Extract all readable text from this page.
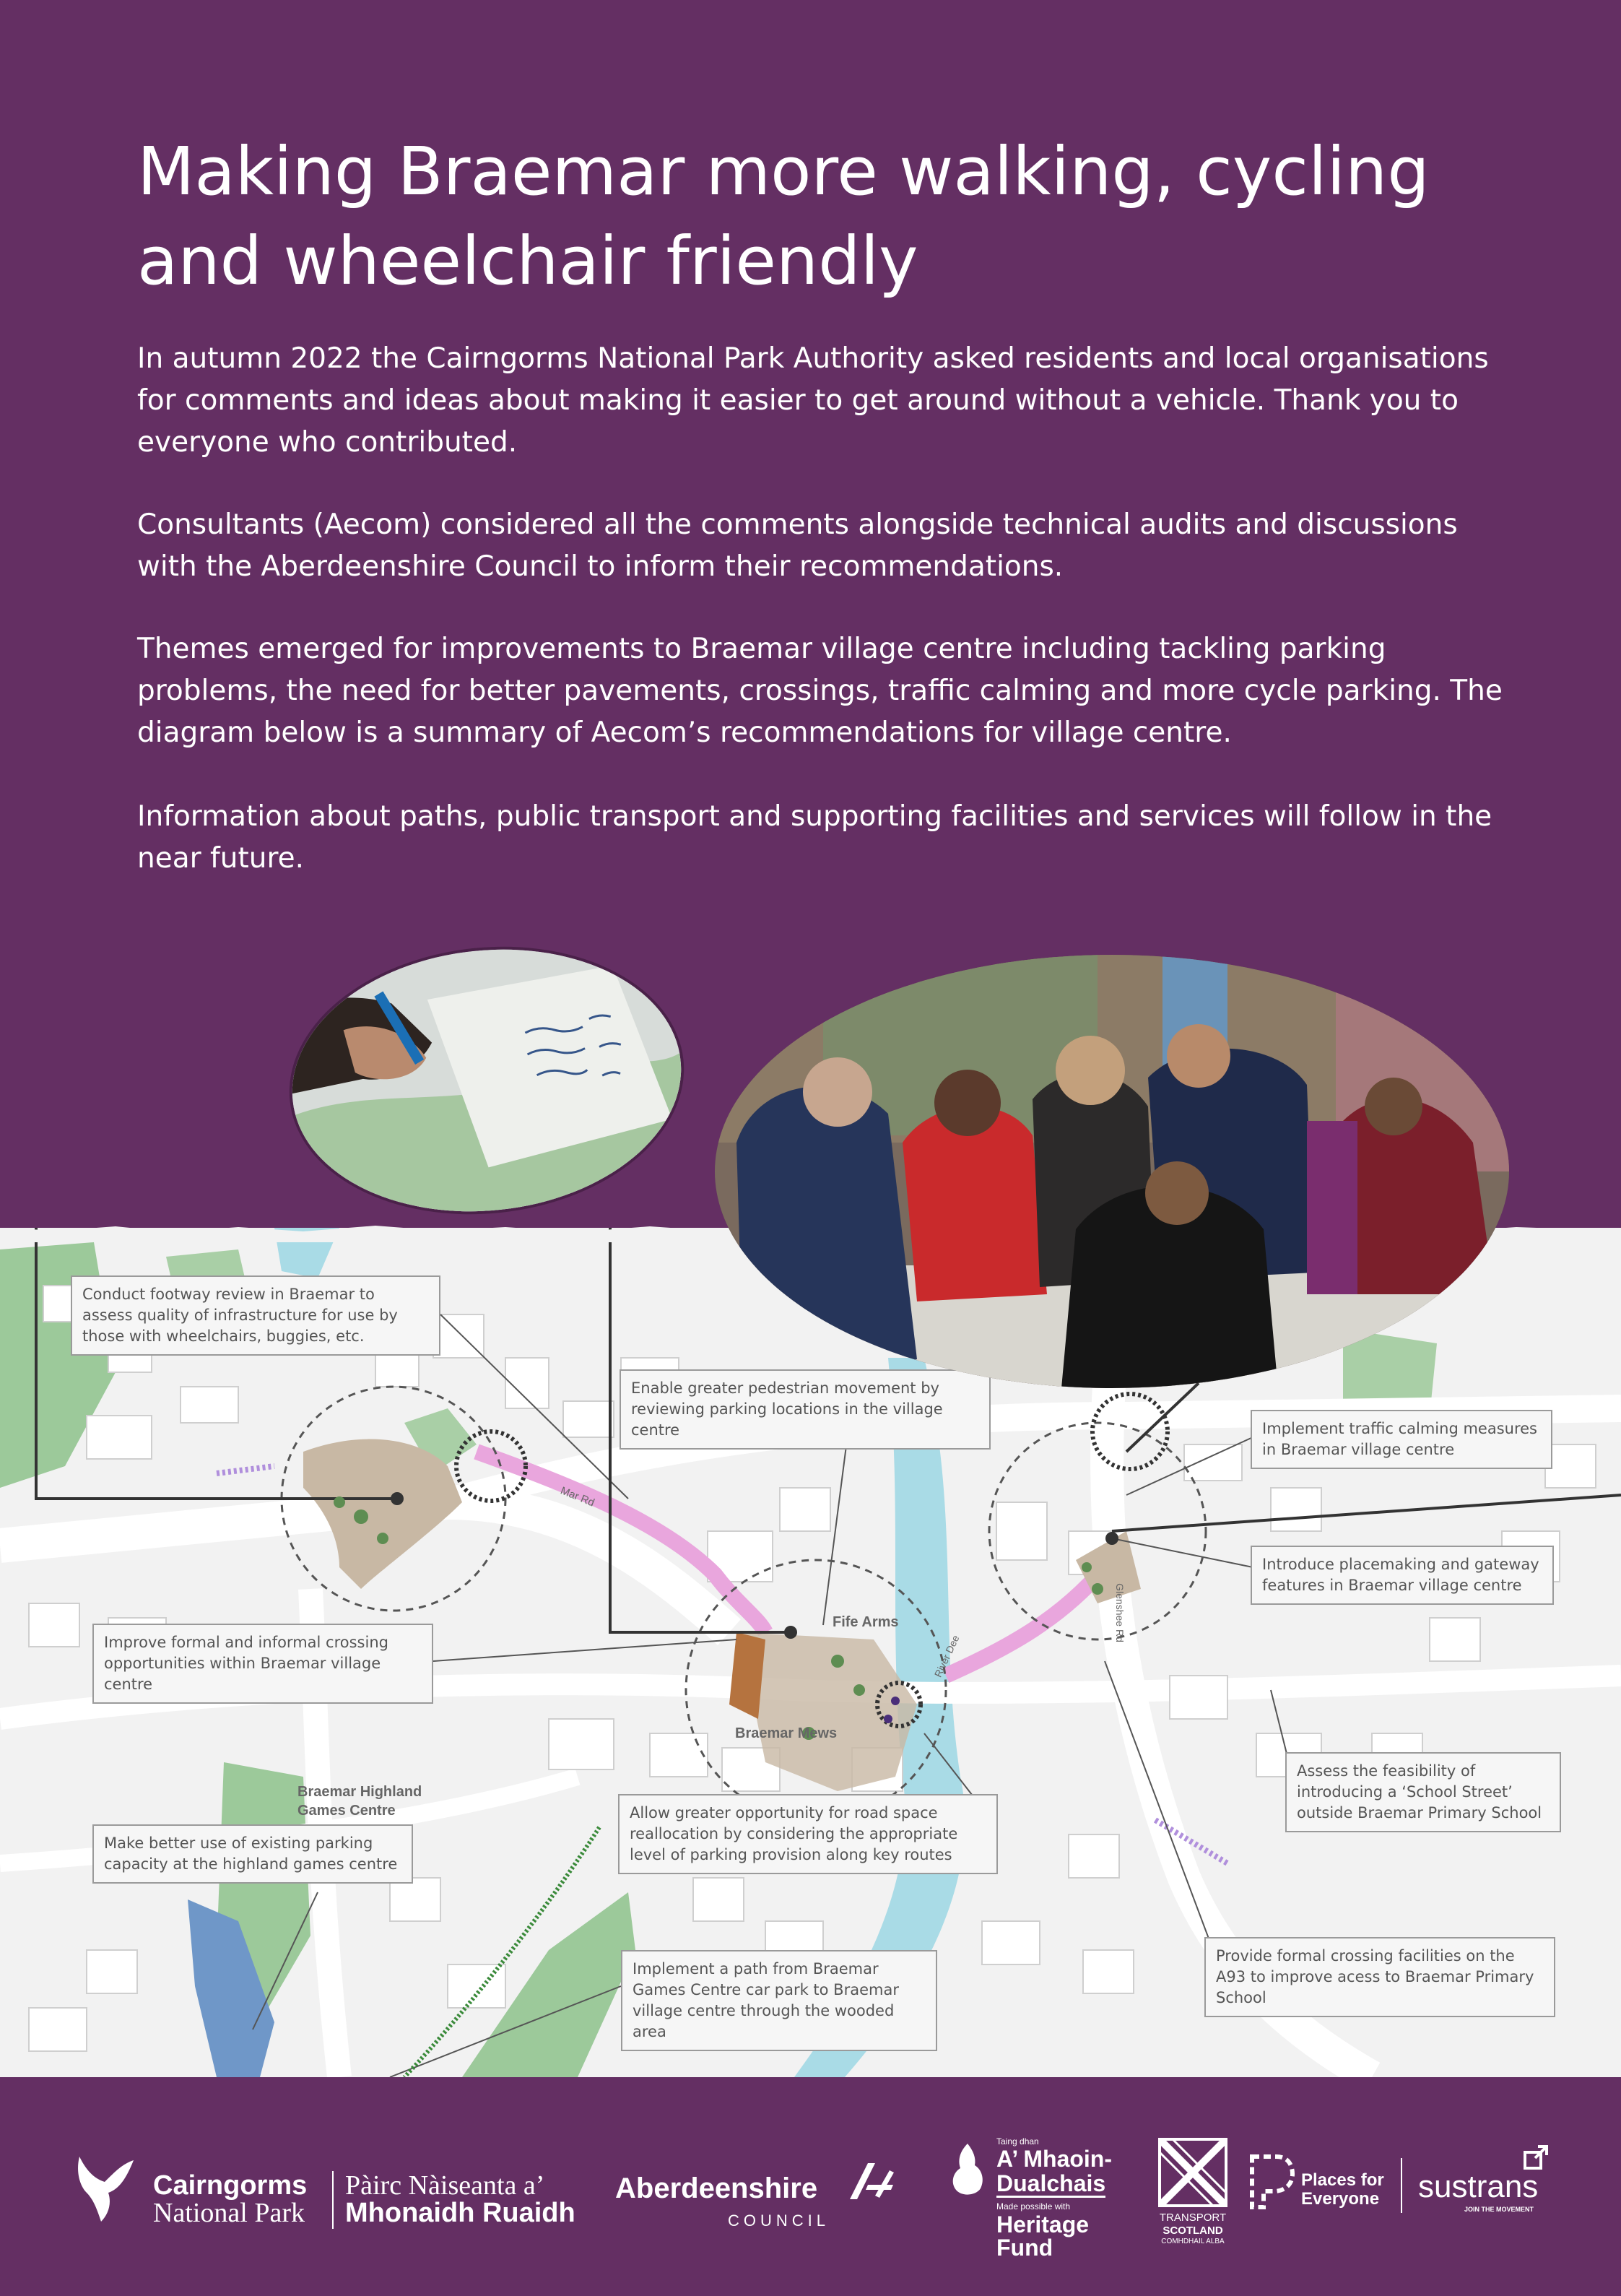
Making Braemar more walking, cycling and wheelchair friendly

In autumn 2022 the Cairngorms National Park Authority asked residents and local organisations for comments and ideas about making it easier to get around without a vehicle. Thank you to everyone who contributed.

Consultants (Aecom) considered all the comments alongside technical audits and discussions with the Aberdeenshire Council to inform their recommendations.

Themes emerged for improvements to Braemar village centre including tackling parking problems, the need for better pavements, crossings, traffic calming and more cycle parking. The diagram below is a summary of Aecom’s recommendations for village centre.

Information about paths, public transport and supporting facilities and services will follow in the near future.

Fife Arms
Braemar Mews
Braemar Highland Games Centre
Mar Rd
Glenshee Rd
River Dee
Conduct footway review in Braemar to assess quality of infrastructure for use by those with wheelchairs, buggies, etc.
Enable greater pedestrian movement by reviewing parking locations in the village centre	Implement traffic calming measures in Braemar village centre
Introduce placemaking and gateway features in Braemar village centre
Improve formal and informal crossing opportunities within Braemar village centre
Assess the feasibility of introducing a ‘School Street’ outside Braemar Primary School
Allow greater opportunity for road space reallocation by considering the appropriate level of parking provision along key routes
Make better use of existing parking capacity at the highland games centre
Provide formal crossing facilities on the A93 to improve acess to Braemar Primary School
Implement a path from Braemar Games Centre car park to Braemar village centre through the wooded area
Cairngorms
National Park
Pàirc Nàiseanta a’
Mhonaidh Ruaidh
Aberdeenshire
COUNCIL
Taing dhan
A’ Mhaoin-
Dualchais
Made possible with
Heritage
Fund
TRANSPORT
SCOTLAND
COMHDHAIL ALBA
Places for
Everyone sustrans
JOIN THE MOVEMENT
